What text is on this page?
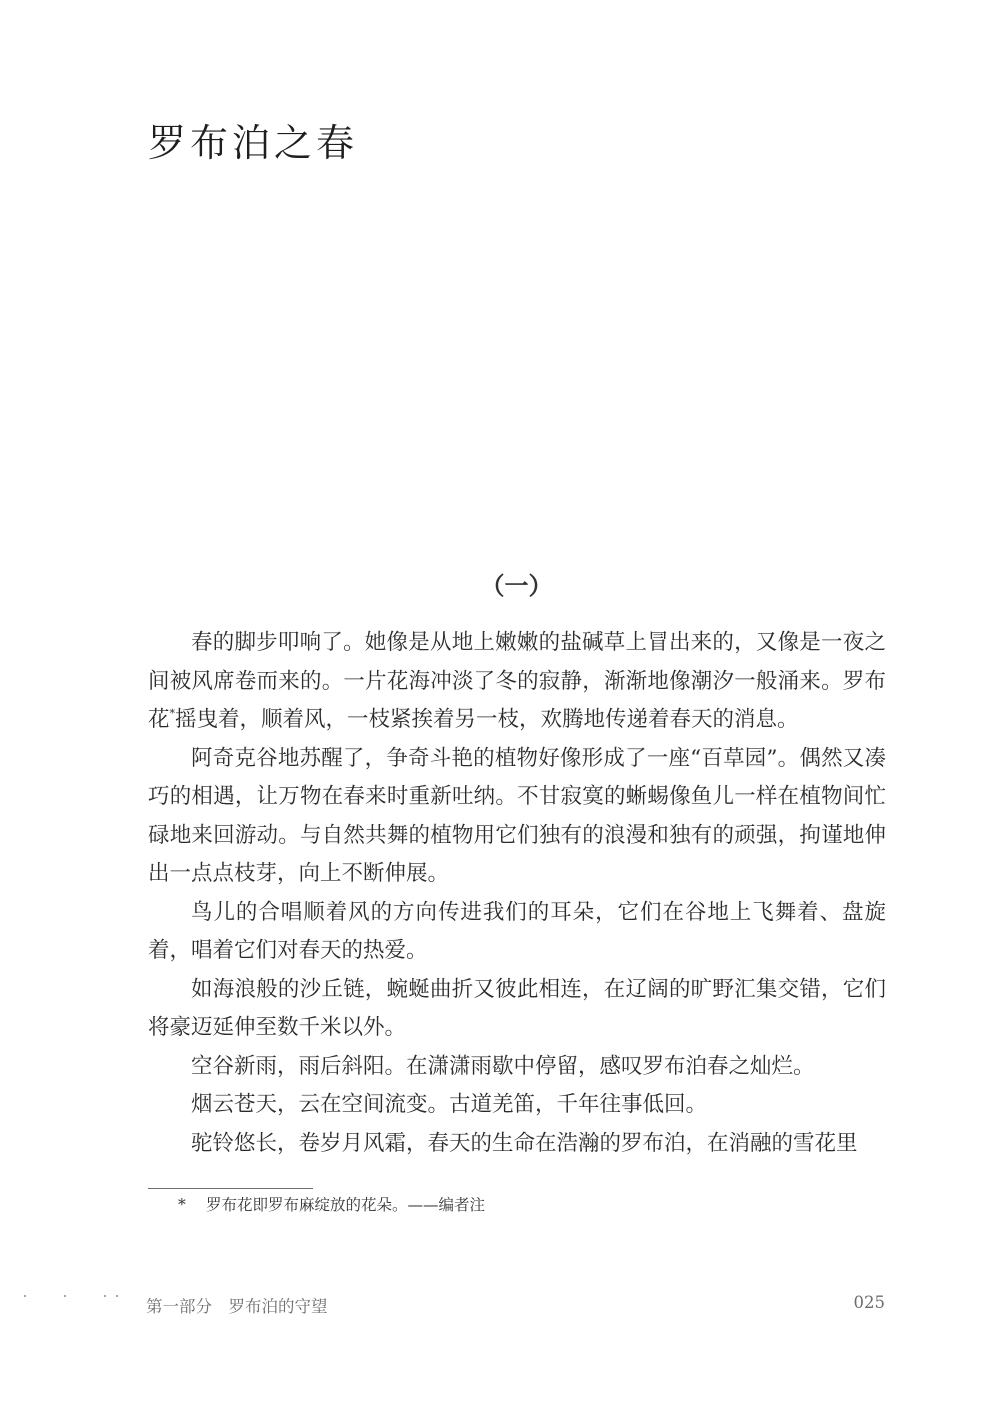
罗布泊之春
（一）

春的脚步叩响了。她像是从地上嫩嫩的盐碱草上冒出来的，又像是一夜之间被风席卷而来的。一片花海冲淡了冬的寂静，渐渐地像潮汐一般涌来。罗布花*摇曳着，顺着风，一枝紧挨着另一枝，欢腾地传递着春天的消息。

阿奇克谷地苏醒了，争奇斗艳的植物好像形成了一座“百草园”。偶然又凑巧的相遇，让万物在春来时重新吐纳。不甘寂寞的蜥蜴像鱼儿一样在植物间忙碌地来回游动。与自然共舞的植物用它们独有的浪漫和独有的顽强，拘谨地伸出一点点枝芽，向上不断伸展。

鸟儿的合唱顺着风的方向传进我们的耳朵，它们在谷地上飞舞着、盘旋着，唱着它们对春天的热爱。

如海浪般的沙丘链，蜿蜒曲折又彼此相连，在辽阔的旷野汇集交错，它们将豪迈延伸至数千米以外。

空谷新雨，雨后斜阳。在潇潇雨歇中停留，感叹罗布泊春之灿烂。

烟云苍天，云在空间流变。古道羌笛，千年往事低回。

驼铃悠长，卷岁月风霜，春天的生命在浩瀚的罗布泊，在消融的雪花里

* 罗布花即罗布麻绽放的花朵。——编者注
第一部分　罗布泊的守望	025
